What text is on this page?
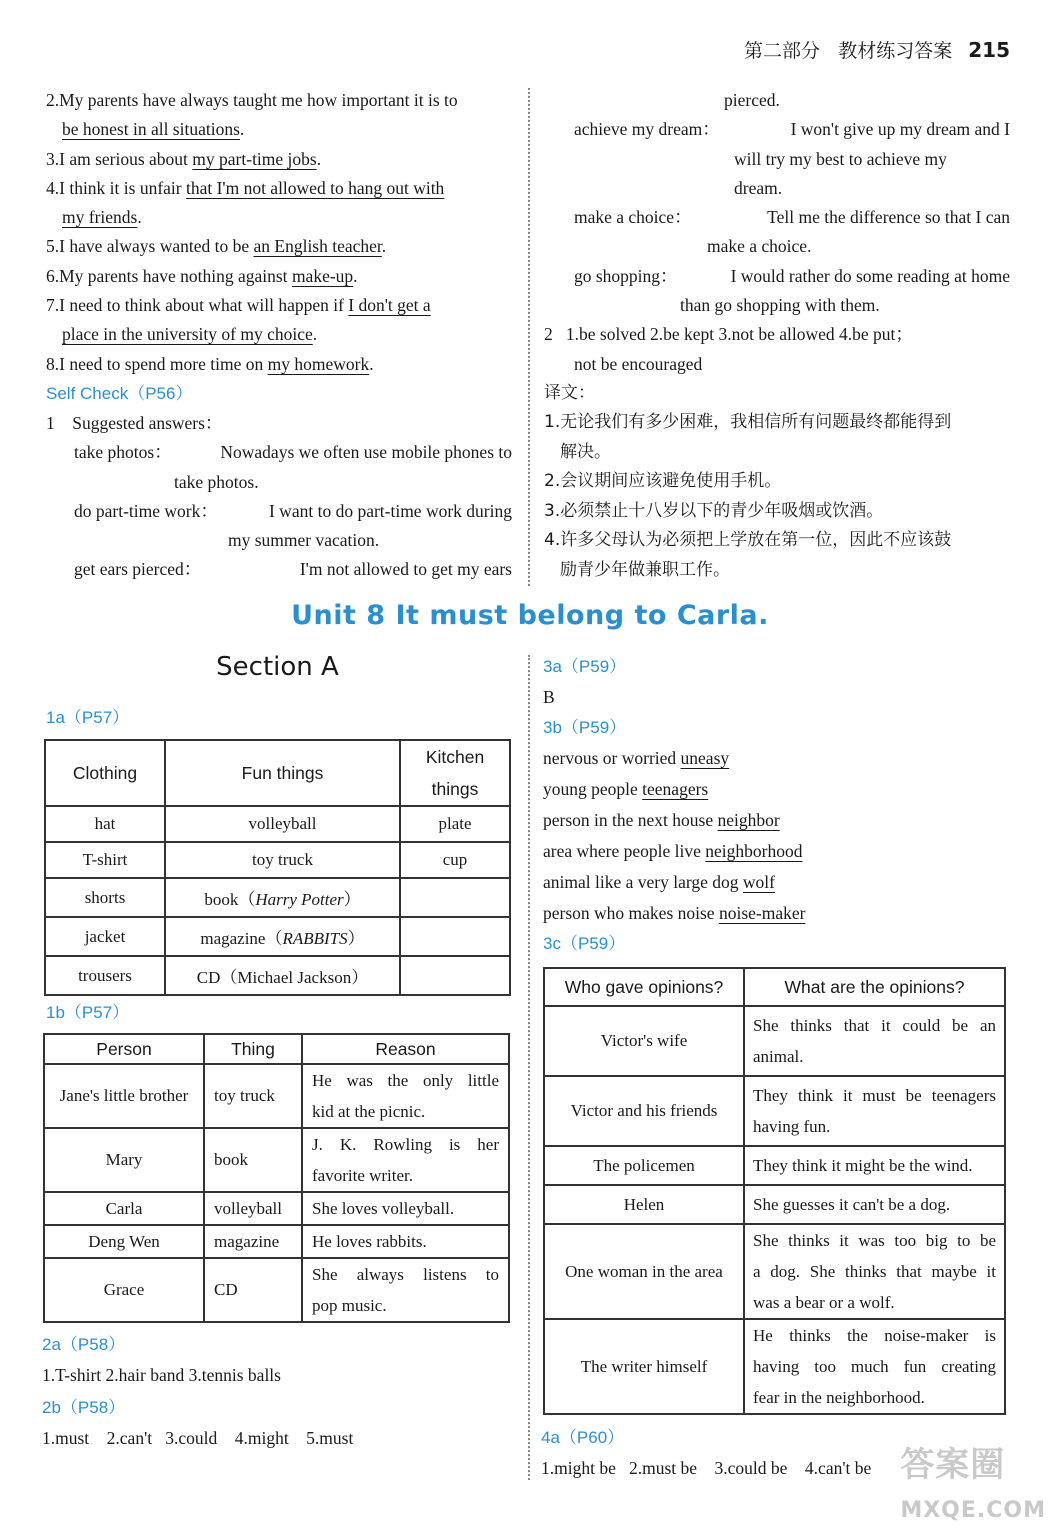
第二部分 教材练习答案 215
2.My parents have always taught me how important it is to
be honest in all situations.
3.I am serious about my part-time jobs.
4.I think it is unfair that I'm not allowed to hang out with
my friends.
5.I have always wanted to be an English teacher.
6.My parents have nothing against make-up.
7.I need to think about what will happen if I don't get a
place in the university of my choice.
8.I need to spend more time on my homework.
Self Check（P56）
1 Suggested answers：
take photos：	Nowadays we often use mobile phones to
take photos.
do part-time work：	I want to do part-time work during
my summer vacation.
get ears pierced：	I'm not allowed to get my ears
pierced.
achieve my dream：	I won't give up my dream and I
will try my best to achieve my
dream.
make a choice：	Tell me the difference so that I can
make a choice.
go shopping：	I would rather do some reading at home
than go shopping with them.
2 1.be solved 2.be kept 3.not be allowed 4.be put；
not be encouraged
译文：
1.无论我们有多少困难，我相信所有问题最终都能得到
解决。
2.会议期间应该避免使用手机。
3.必须禁止十八岁以下的青少年吸烟或饮酒。
4.许多父母认为必须把上学放在第一位，因此不应该鼓
励青少年做兼职工作。
Unit 8 It must belong to Carla.
Section A
1a（P57）
Clothing	Fun things	Kitchen things
hat	volleyball	plate
T-shirt	toy truck	cup
shorts	book（Harry Potter）	
jacket	magazine（RABBITS）	
trousers	CD（Michael Jackson）	
1b（P57）
Person	Thing	Reason
Jane's little brother	toy truck	He was the only little
kid at the picnic.

Mary	book	J. K. Rowling is her
favorite writer.

Carla	volleyball	She loves volleyball.

Deng Wen	magazine	He loves rabbits.

Grace	CD	She always listens to
pop music.
2a（P58）
1.T-shirt 2.hair band 3.tennis balls
2b（P58）
1.must    2.can't   3.could    4.might    5.must
3a（P59）
B
3b（P59）
nervous or worried uneasy
young people teenagers
person in the next house neighbor
area where people live neighborhood
animal like a very large dog wolf
person who makes noise noise-maker
3c（P59）
Who gave opinions?	What are the opinions?
Victor's wife	She thinks that it could be an
animal.

Victor and his friends	They think it must be teenagers
having fun.

The policemen	They think it might be the wind.

Helen	She guesses it can't be a dog.

One woman in the area	She thinks it was too big to be
a dog. She thinks that maybe it
was a bear or a wolf.

The writer himself	He thinks the noise-maker is
having too much fun creating
fear in the neighborhood.
4a（P60）
1.might be   2.must be    3.could be    4.can't be 答案圈
MXQE.COM
